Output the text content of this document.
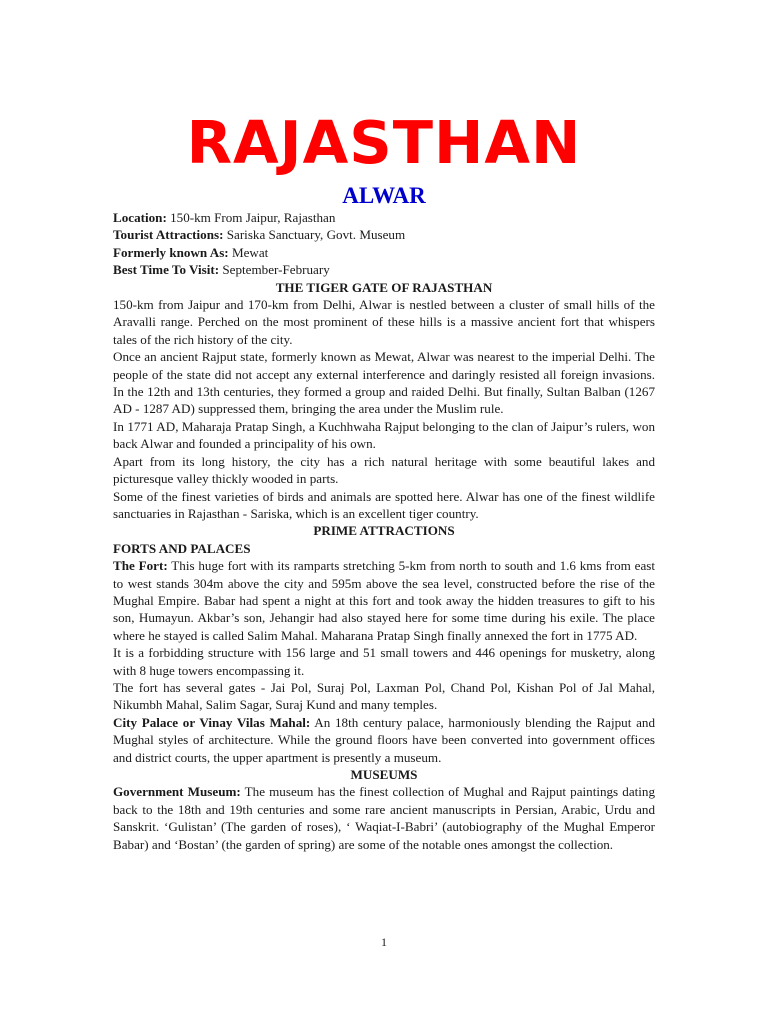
RAJASTHAN
ALWAR

Location: 150-km From Jaipur, Rajasthan

Tourist Attractions: Sariska Sanctuary, Govt. Museum

Formerly known As: Mewat

Best Time To Visit: September-February

THE TIGER GATE OF RAJASTHAN

150-km from Jaipur and 170-km from Delhi, Alwar is nestled between a cluster of small hills of the Aravalli range. Perched on the most prominent of these hills is a massive ancient fort that whispers tales of the rich history of the city.

Once an ancient Rajput state, formerly known as Mewat, Alwar was nearest to the imperial Delhi. The people of the state did not accept any external interference and daringly resisted all foreign invasions. In the 12th and 13th centuries, they formed a group and raided Delhi. But finally, Sultan Balban (1267 AD - 1287 AD) suppressed them, bringing the area under the Muslim rule.

In 1771 AD, Maharaja Pratap Singh, a Kuchhwaha Rajput belonging to the clan of Jaipur’s rulers, won back Alwar and founded a principality of his own.

Apart from its long history, the city has a rich natural heritage with some beautiful lakes and picturesque valley thickly wooded in parts.

Some of the finest varieties of birds and animals are spotted here. Alwar has one of the finest wildlife sanctuaries in Rajasthan - Sariska, which is an excellent tiger country.

PRIME ATTRACTIONS

FORTS AND PALACES

The Fort: This huge fort with its ramparts stretching 5-km from north to south and 1.6 kms from east to west stands 304m above the city and 595m above the sea level, constructed before the rise of the Mughal Empire. Babar had spent a night at this fort and took away the hidden treasures to gift to his son, Humayun. Akbar’s son, Jehangir had also stayed here for some time during his exile. The place where he stayed is called Salim Mahal. Maharana Pratap Singh finally annexed the fort in 1775 AD.

It is a forbidding structure with 156 large and 51 small towers and 446 openings for musketry, along with 8 huge towers encompassing it.

The fort has several gates - Jai Pol, Suraj Pol, Laxman Pol, Chand Pol, Kishan Pol of Jal Mahal, Nikumbh Mahal, Salim Sagar, Suraj Kund and many temples.

City Palace or Vinay Vilas Mahal: An 18th century palace, harmoniously blending the Rajput and Mughal styles of architecture. While the ground floors have been converted into government offices and district courts, the upper apartment is presently a museum.

MUSEUMS

Government Museum: The museum has the finest collection of Mughal and Rajput paintings dating back to the 18th and 19th centuries and some rare ancient manuscripts in Persian, Arabic, Urdu and Sanskrit. ‘Gulistan’ (The garden of roses), ‘ Waqiat-I-Babri’ (autobiography of the Mughal Emperor Babar) and ‘Bostan’ (the garden of spring) are some of the notable ones amongst the collection.

1
